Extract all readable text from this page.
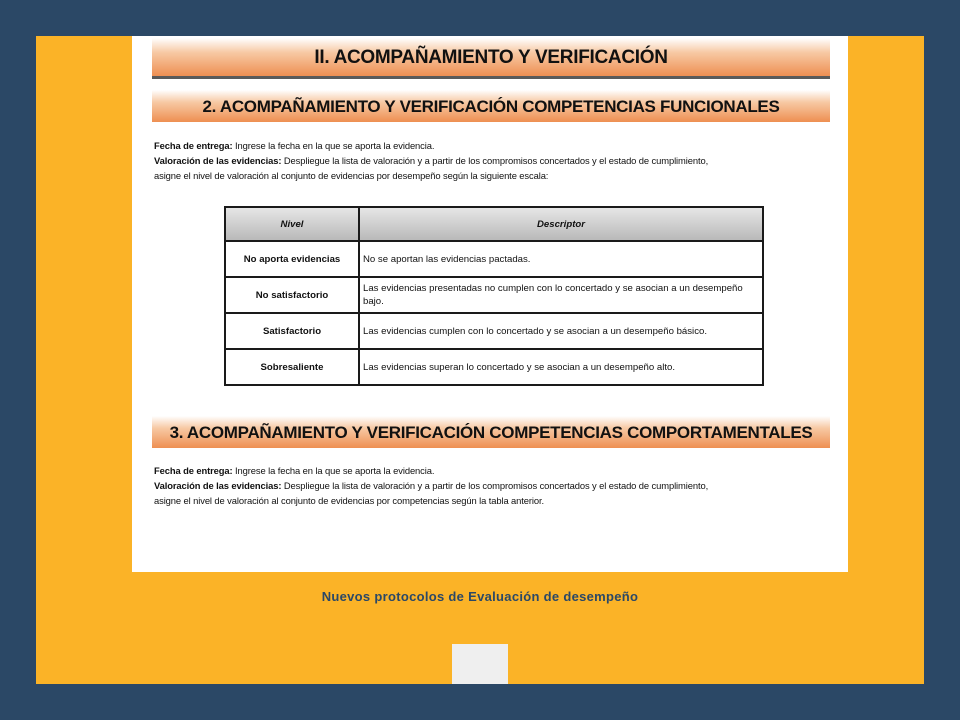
II. ACOMPAÑAMIENTO Y VERIFICACIÓN
2. ACOMPAÑAMIENTO Y VERIFICACIÓN COMPETENCIAS FUNCIONALES
Fecha de entrega: Ingrese la fecha en la que se aporta la evidencia.
Valoración de las evidencias: Despliegue la lista de valoración y a partir de los compromisos concertados y el estado de cumplimiento,
asigne el nivel de valoración al conjunto de evidencias por desempeño según la siguiente escala:
Nivel	Descriptor
No aporta evidencias	No se aportan las evidencias pactadas.
No satisfactorio	Las evidencias presentadas no cumplen con lo concertado y se asocian a un desempeño bajo.
Satisfactorio	Las evidencias cumplen con lo concertado y se asocian a un desempeño básico.
Sobresaliente	Las evidencias superan lo concertado y se asocian a un desempeño alto.
3. ACOMPAÑAMIENTO Y VERIFICACIÓN COMPETENCIAS COMPORTAMENTALES
Fecha de entrega: Ingrese la fecha en la que se aporta la evidencia.
Valoración de las evidencias: Despliegue la lista de valoración y a partir de los compromisos concertados y el estado de cumplimiento,
asigne el nivel de valoración al conjunto de evidencias por competencias según la tabla anterior.
Nuevos protocolos de Evaluación de desempeño
